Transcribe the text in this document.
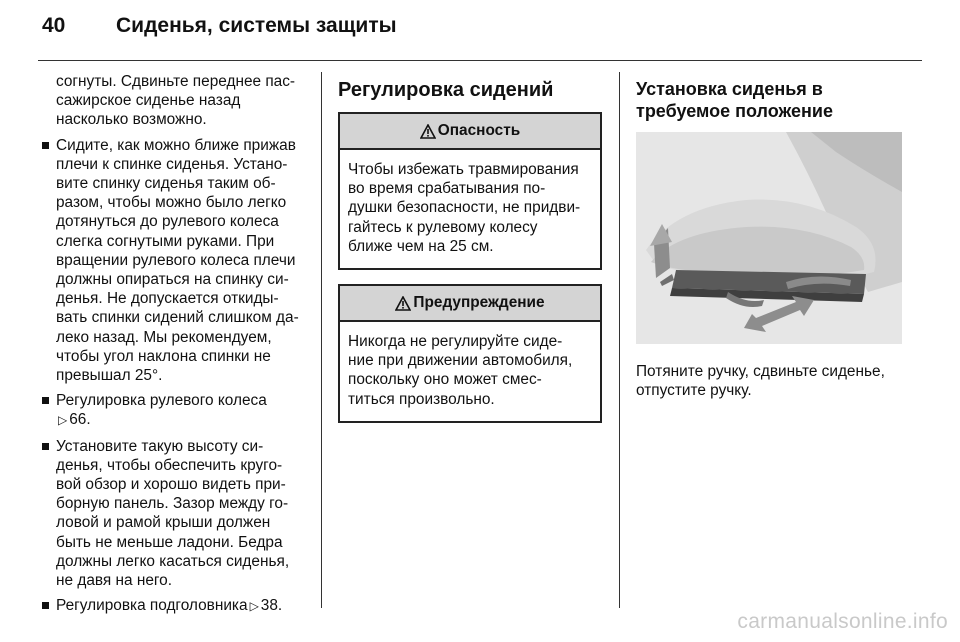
40	Сиденья, системы защиты
согнуты. Сдвиньте переднее пас-
сажирское сиденье назад
насколько возможно.
Сидите, как можно ближе прижав
плечи к спинке сиденья. Устано-
вите спинку сиденья таким об-
разом, чтобы можно было легко
дотянуться до рулевого колеса
слегка согнутыми руками. При
вращении рулевого колеса плечи
должны опираться на спинку си-
денья. Не допускается откиды-
вать спинки сидений слишком да-
леко назад. Мы рекомендуем,
чтобы угол наклона спинки не
превышал 25°.
Регулировка рулевого колеса
▷ 66.
Установите такую высоту си-
денья, чтобы обеспечить круго-
вой обзор и хорошо видеть при-
борную панель. Зазор между го-
ловой и рамой крыши должен
быть не меньше ладони. Бедра
должны легко касаться сиденья,
не давя на него.
Регулировка подголовника ▷ 38.
Регулировка сидений
Опасность
Чтобы избежать травмирования
во время срабатывания по-
душки безопасности, не придви-
гайтесь к рулевому колесу
ближе чем на 25 см.
Предупреждение
Никогда не регулируйте сиде-
ние при движении автомобиля,
поскольку оно может смес-
титься произвольно.
Установка сиденья в
требуемое положение
Потяните ручку, сдвиньте сиденье,
отпустите ручку.
carmanualsonline.info
